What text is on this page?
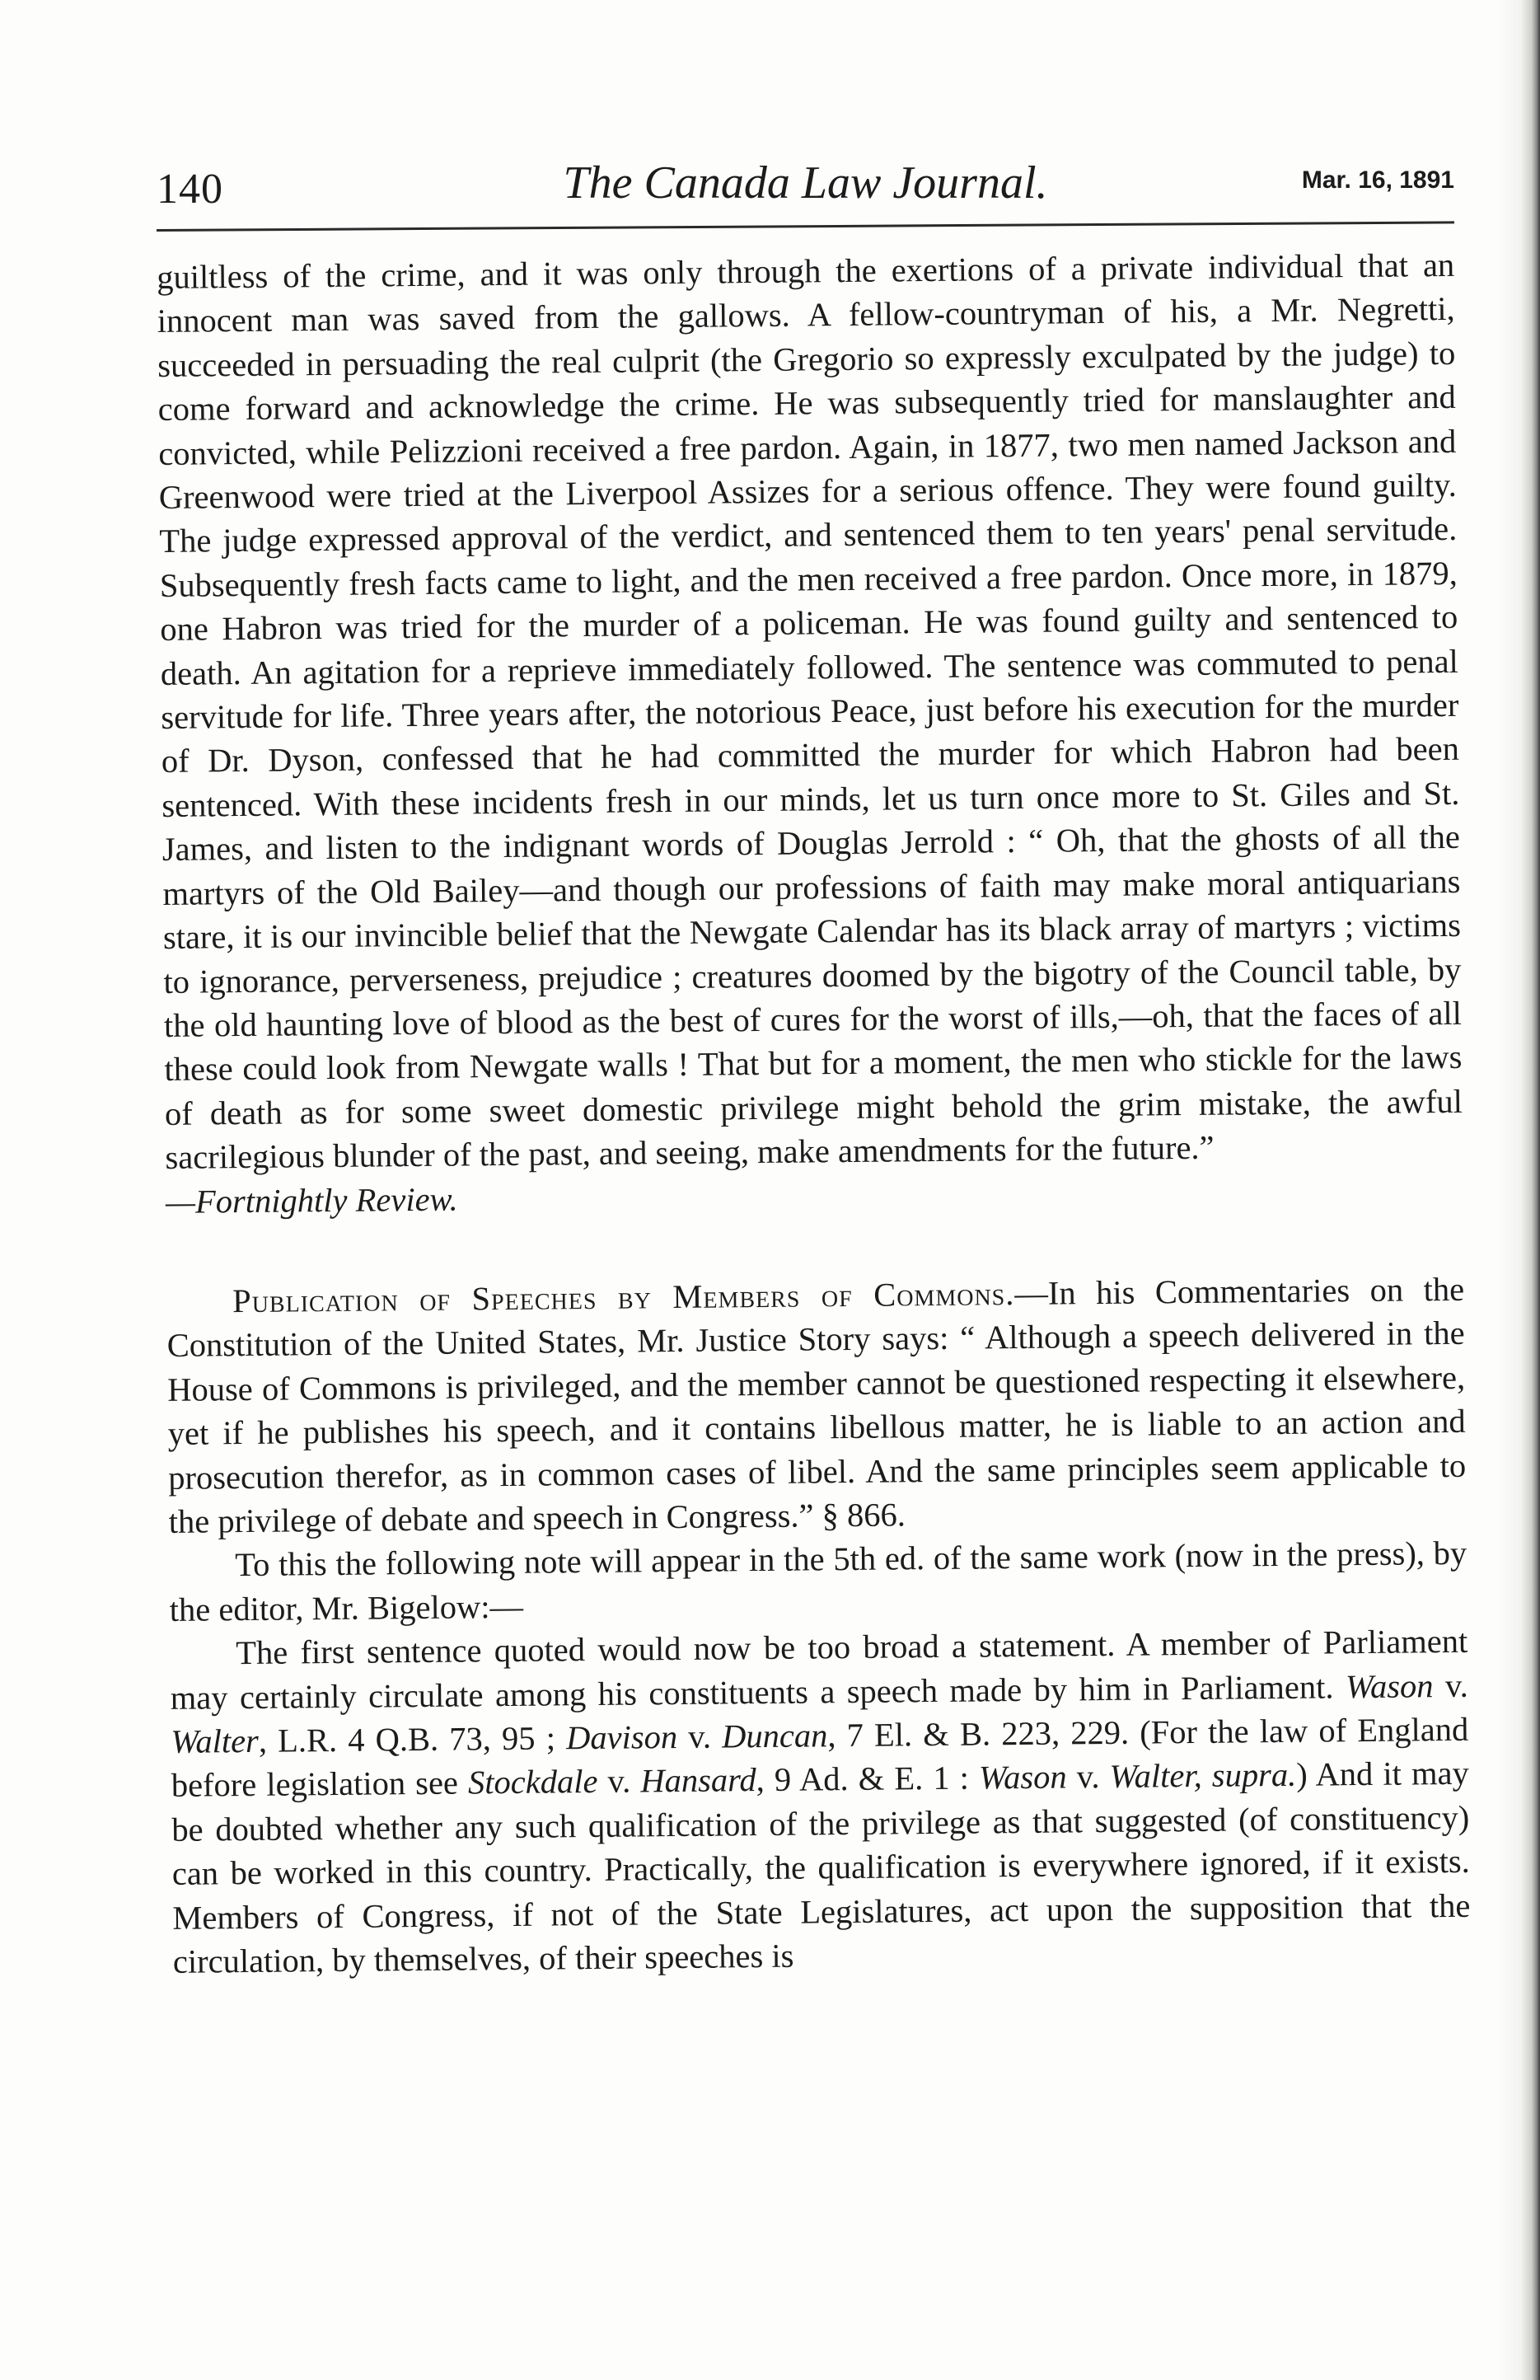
140	The Canada Law Journal.	Mar. 16, 1891

guiltless of the crime, and it was only through the exertions of a private individual that an innocent man was saved from the gallows. A fellow-countryman of his, a Mr. Negretti, succeeded in persuading the real culprit (the Gregorio so expressly exculpated by the judge) to come forward and acknowledge the crime. He was subsequently tried for manslaughter and convicted, while Pelizzioni received a free pardon. Again, in 1877, two men named Jackson and Greenwood were tried at the Liverpool Assizes for a serious offence. They were found guilty. The judge expressed approval of the verdict, and sentenced them to ten years' penal servitude. Subsequently fresh facts came to light, and the men received a free pardon. Once more, in 1879, one Habron was tried for the murder of a policeman. He was found guilty and sentenced to death. An agitation for a reprieve immediately followed. The sentence was commuted to penal servitude for life. Three years after, the notorious Peace, just before his execution for the murder of Dr. Dyson, confessed that he had committed the murder for which Habron had been sentenced. With these incidents fresh in our minds, let us turn once more to St. Giles and St. James, and listen to the indignant words of Douglas Jerrold : “ Oh, that the ghosts of all the martyrs of the Old Bailey—and though our professions of faith may make moral antiquarians stare, it is our invincible belief that the Newgate Calendar has its black array of martyrs ; victims to ignorance, perverseness, prejudice ; creatures doomed by the bigotry of the Council table, by the old haunting love of blood as the best of cures for the worst of ills,—oh, that the faces of all these could look from Newgate walls ! That but for a moment, the men who stickle for the laws of death as for some sweet domestic privilege might behold the grim mistake, the awful sacrilegious blunder of the past, and seeing, make amendments for the future.”

—Fortnightly Review.

Publication of Speeches by Members of Commons.—In his Commentaries on the Constitution of the United States, Mr. Justice Story says: “ Although a speech delivered in the House of Commons is privileged, and the member cannot be questioned respecting it elsewhere, yet if he publishes his speech, and it contains libellous matter, he is liable to an action and prosecution therefor, as in common cases of libel. And the same principles seem applicable to the privilege of debate and speech in Congress.” § 866.

To this the following note will appear in the 5th ed. of the same work (now in the press), by the editor, Mr. Bigelow:—

The first sentence quoted would now be too broad a statement. A member of Parliament may certainly circulate among his constituents a speech made by him in Parliament. Wason v. Walter, L.R. 4 Q.B. 73, 95 ; Davison v. Duncan, 7 El. & B. 223, 229. (For the law of England before legislation see Stockdale v. Hansard, 9 Ad. & E. 1 : Wason v. Walter, supra.) And it may be doubted whether any such qualification of the privilege as that suggested (of constituency) can be worked in this country. Practically, the qualification is everywhere ignored, if it exists. Members of Congress, if not of the State Legislatures, act upon the supposition that the circulation, by themselves, of their speeches is
